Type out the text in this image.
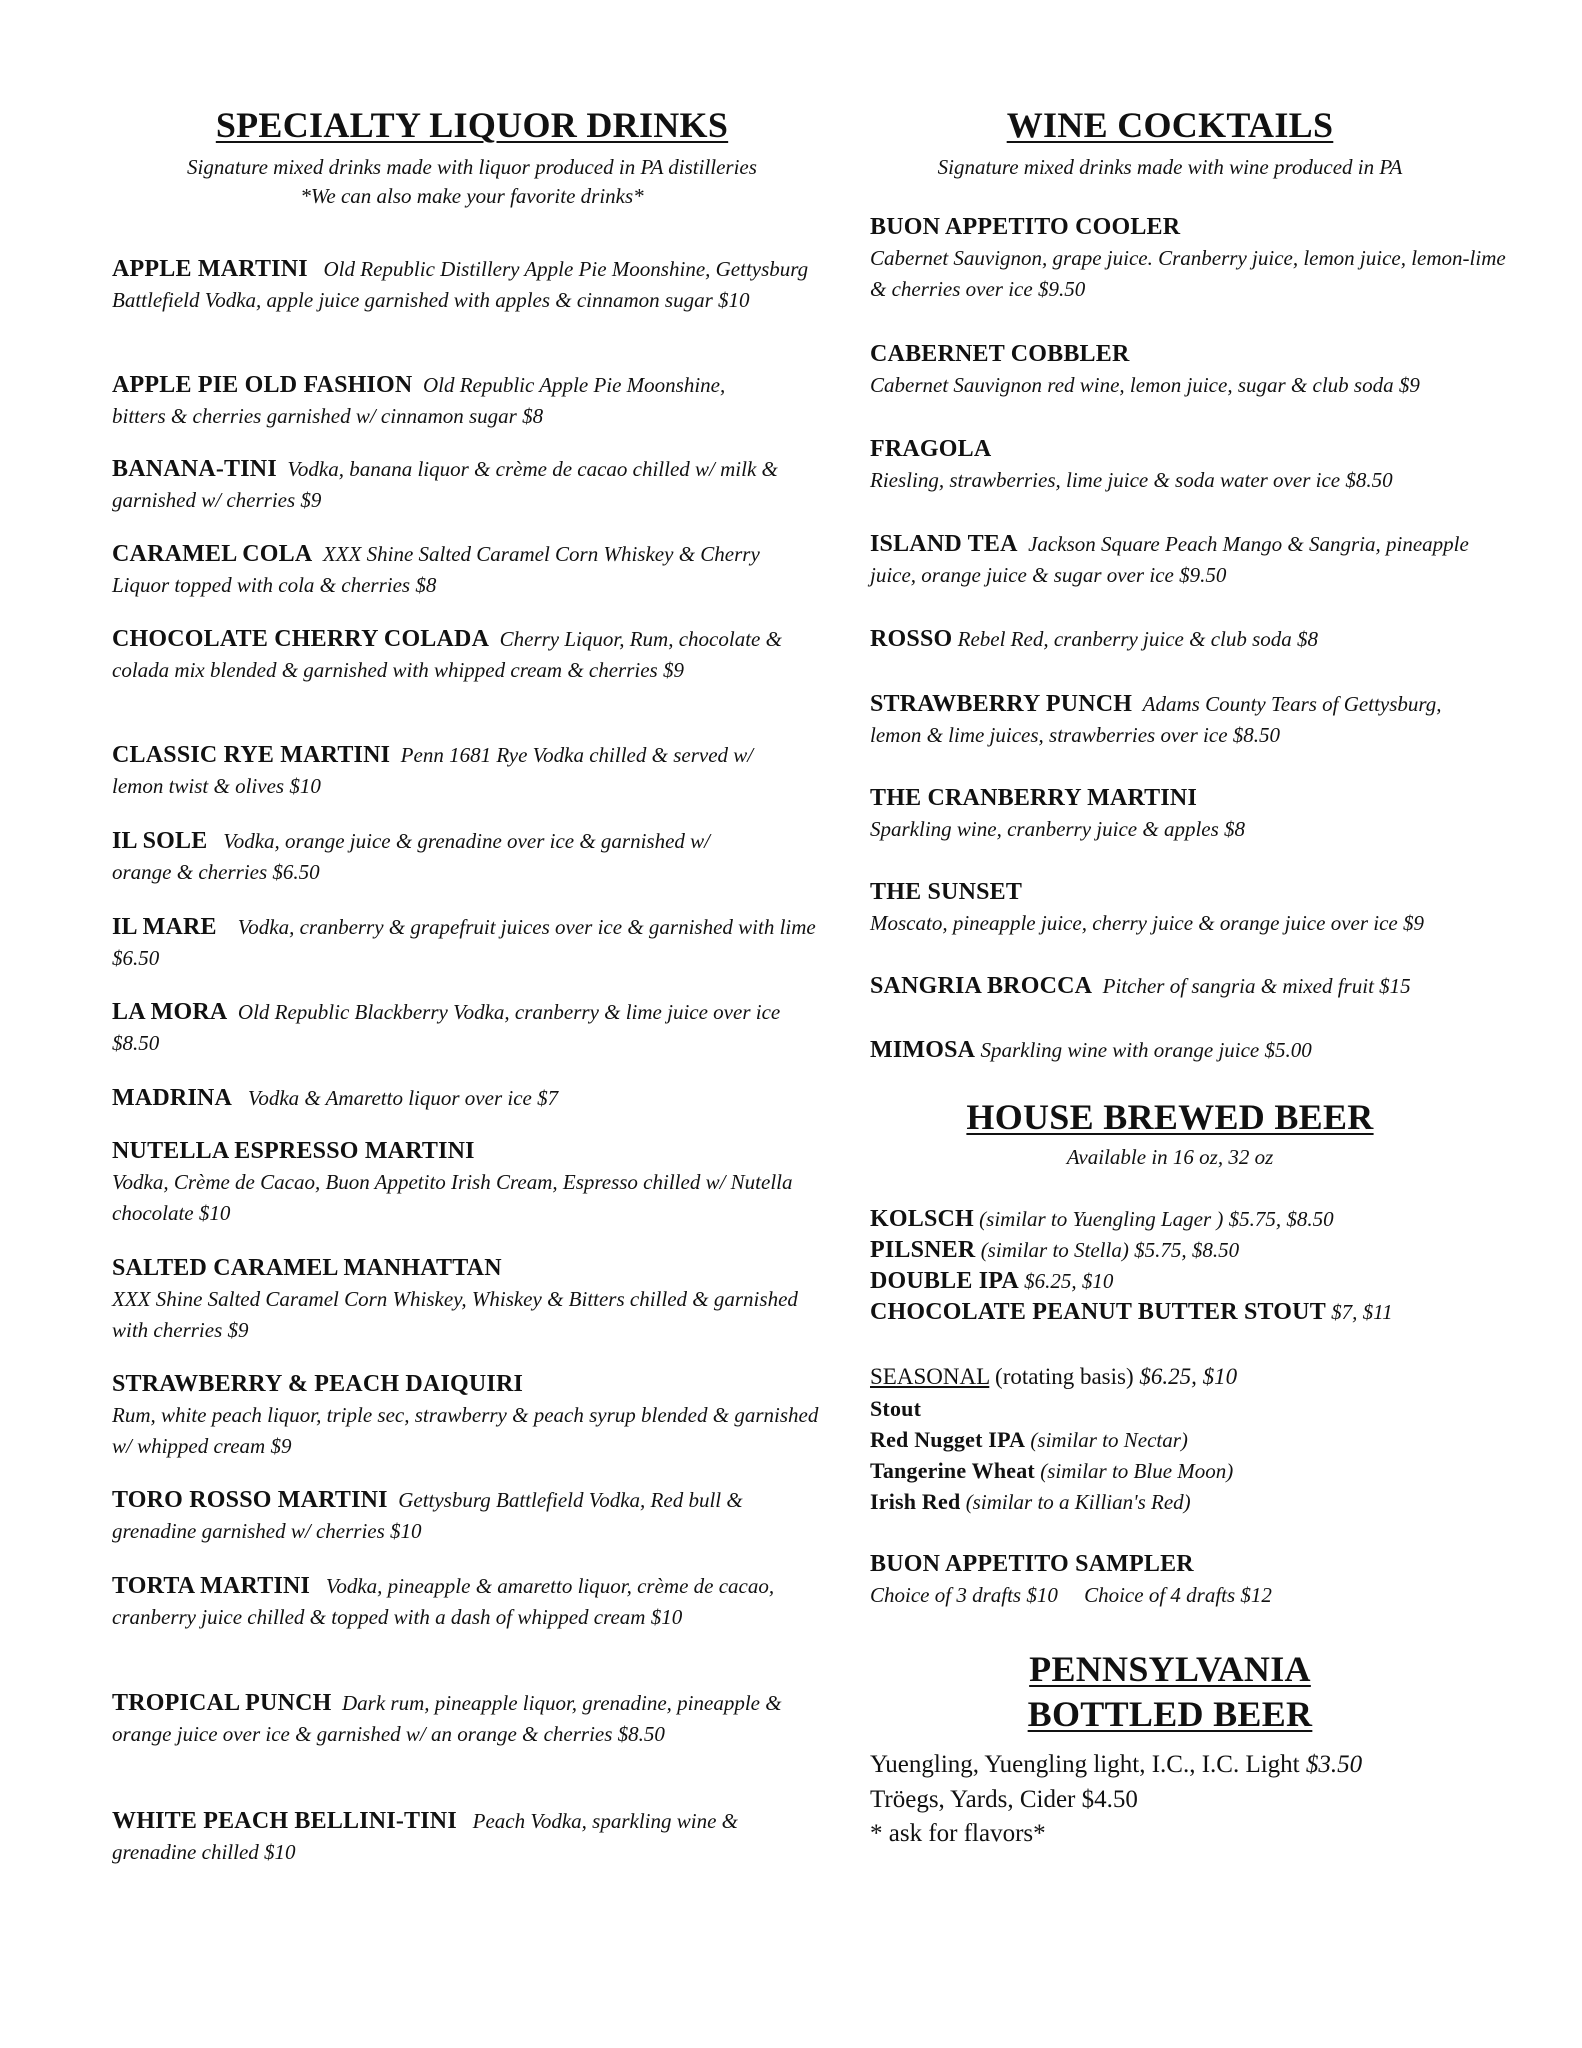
SPECIALTY LIQUOR DRINKS

Signature mixed drinks made with liquor produced in PA distilleries

*We can also make your favorite drinks*

APPLE MARTINI Old Republic Distillery Apple Pie Moonshine, Gettysburg Battlefield Vodka, apple juice garnished with apples & cinnamon sugar $10

APPLE PIE OLD FASHION Old Republic Apple Pie Moonshine, bitters & cherries garnished w/ cinnamon sugar $8

BANANA-TINI Vodka, banana liquor & crème de cacao chilled w/ milk & garnished w/ cherries $9

CARAMEL COLA XXX Shine Salted Caramel Corn Whiskey & Cherry Liquor topped with cola & cherries $8

CHOCOLATE CHERRY COLADA Cherry Liquor, Rum, chocolate & colada mix blended & garnished with whipped cream & cherries $9

CLASSIC RYE MARTINI Penn 1681 Rye Vodka chilled & served w/ lemon twist & olives $10

IL SOLE Vodka, orange juice & grenadine over ice & garnished w/ orange & cherries $6.50

IL MARE Vodka, cranberry & grapefruit juices over ice & garnished with lime $6.50

LA MORA Old Republic Blackberry Vodka, cranberry & lime juice over ice $8.50

MADRINA Vodka & Amaretto liquor over ice $7

NUTELLA ESPRESSO MARTINI
Vodka, Crème de Cacao, Buon Appetito Irish Cream, Espresso chilled w/ Nutella chocolate $10

SALTED CARAMEL MANHATTAN
XXX Shine Salted Caramel Corn Whiskey, Whiskey & Bitters chilled & garnished with cherries $9

STRAWBERRY & PEACH DAIQUIRI
Rum, white peach liquor, triple sec, strawberry & peach syrup blended & garnished w/ whipped cream $9

TORO ROSSO MARTINI Gettysburg Battlefield Vodka, Red bull & grenadine garnished w/ cherries $10

TORTA MARTINI Vodka, pineapple & amaretto liquor, crème de cacao, cranberry juice chilled & topped with a dash of whipped cream $10

TROPICAL PUNCH Dark rum, pineapple liquor, grenadine, pineapple & orange juice over ice & garnished w/ an orange & cherries $8.50

WHITE PEACH BELLINI-TINI Peach Vodka, sparkling wine & grenadine chilled $10

WINE COCKTAILS

Signature mixed drinks made with wine produced in PA

BUON APPETITO COOLER
Cabernet Sauvignon, grape juice. Cranberry juice, lemon juice, lemon-lime & cherries over ice $9.50

CABERNET COBBLER
Cabernet Sauvignon red wine, lemon juice, sugar & club soda $9

FRAGOLA
Riesling, strawberries, lime juice & soda water over ice $8.50

ISLAND TEA Jackson Square Peach Mango & Sangria, pineapple juice, orange juice & sugar over ice $9.50

ROSSO Rebel Red, cranberry juice & club soda $8

STRAWBERRY PUNCH Adams County Tears of Gettysburg, lemon & lime juices, strawberries over ice $8.50

THE CRANBERRY MARTINI
Sparkling wine, cranberry juice & apples $8

THE SUNSET
Moscato, pineapple juice, cherry juice & orange juice over ice $9

SANGRIA BROCCA Pitcher of sangria & mixed fruit $15

MIMOSA Sparkling wine with orange juice $5.00

HOUSE BREWED BEER

Available in 16 oz, 32 oz

KOLSCH (similar to Yuengling Lager ) $5.75, $8.50

PILSNER (similar to Stella) $5.75, $8.50

DOUBLE IPA $6.25, $10

CHOCOLATE PEANUT BUTTER STOUT $7, $11

SEASONAL (rotating basis) $6.25, $10

Stout

Red Nugget IPA (similar to Nectar)

Tangerine Wheat (similar to Blue Moon)

Irish Red (similar to a Killian's Red)

BUON APPETITO SAMPLER
Choice of 3 drafts $10     Choice of 4 drafts $12

PENNSYLVANIA
BOTTLED BEER

Yuengling, Yuengling light, I.C., I.C. Light $3.50

Tröegs, Yards, Cider $4.50

* ask for flavors*
